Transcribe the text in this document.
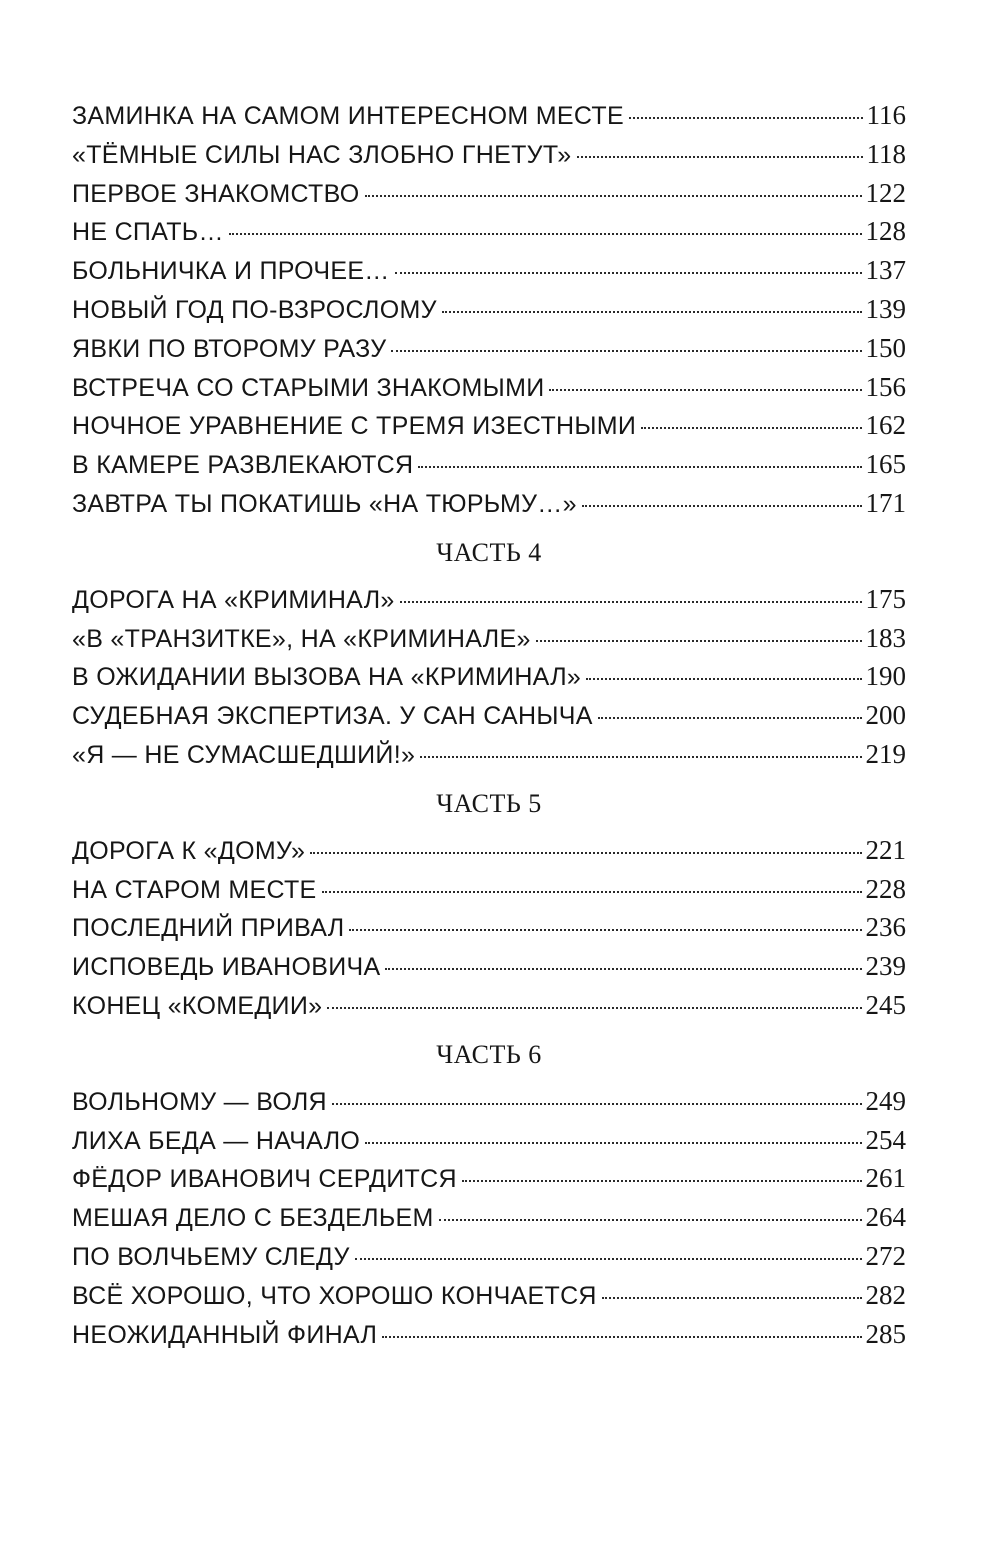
ЗАМИНКА НА САМОМ ИНТЕРЕСНОМ МЕСТЕ	116
«ТЁМНЫЕ СИЛЫ НАС ЗЛОБНО ГНЕТУТ»	118
ПЕРВОЕ ЗНАКОМСТВО	122
НЕ СПАТЬ…	128
БОЛЬНИЧКА И ПРОЧЕЕ…	137
НОВЫЙ ГОД ПО-ВЗРОСЛОМУ	139
ЯВКИ ПО ВТОРОМУ РАЗУ	150
ВСТРЕЧА СО СТАРЫМИ ЗНАКОМЫМИ	156
НОЧНОЕ УРАВНЕНИЕ С ТРЕМЯ ИЗЕСТНЫМИ	162
В КАМЕРЕ РАЗВЛЕКАЮТСЯ	165
ЗАВТРА ТЫ ПОКАТИШЬ «НА ТЮРЬМУ…»	171
ЧАСТЬ 4
ДОРОГА НА «КРИМИНАЛ»	175
«В «ТРАНЗИТКЕ», НА «КРИМИНАЛЕ»	183
В ОЖИДАНИИ ВЫЗОВА НА «КРИМИНАЛ»	190
СУДЕБНАЯ ЭКСПЕРТИЗА. У САН САНЫЧА	200
«Я — НЕ СУМАСШЕДШИЙ!»	219
ЧАСТЬ 5
ДОРОГА К «ДОМУ»	221
НА СТАРОМ МЕСТЕ	228
ПОСЛЕДНИЙ ПРИВАЛ	236
ИСПОВЕДЬ ИВАНОВИЧА	239
КОНЕЦ «КОМЕДИИ»	245
ЧАСТЬ 6
ВОЛЬНОМУ — ВОЛЯ	249
ЛИХА БЕДА — НАЧАЛО	254
ФЁДОР ИВАНОВИЧ СЕРДИТСЯ	261
МЕШАЯ ДЕЛО С БЕЗДЕЛЬЕМ	264
ПО ВОЛЧЬЕМУ СЛЕДУ	272
ВСЁ ХОРОШО, ЧТО ХОРОШО КОНЧАЕТСЯ	282
НЕОЖИДАННЫЙ ФИНАЛ	285
